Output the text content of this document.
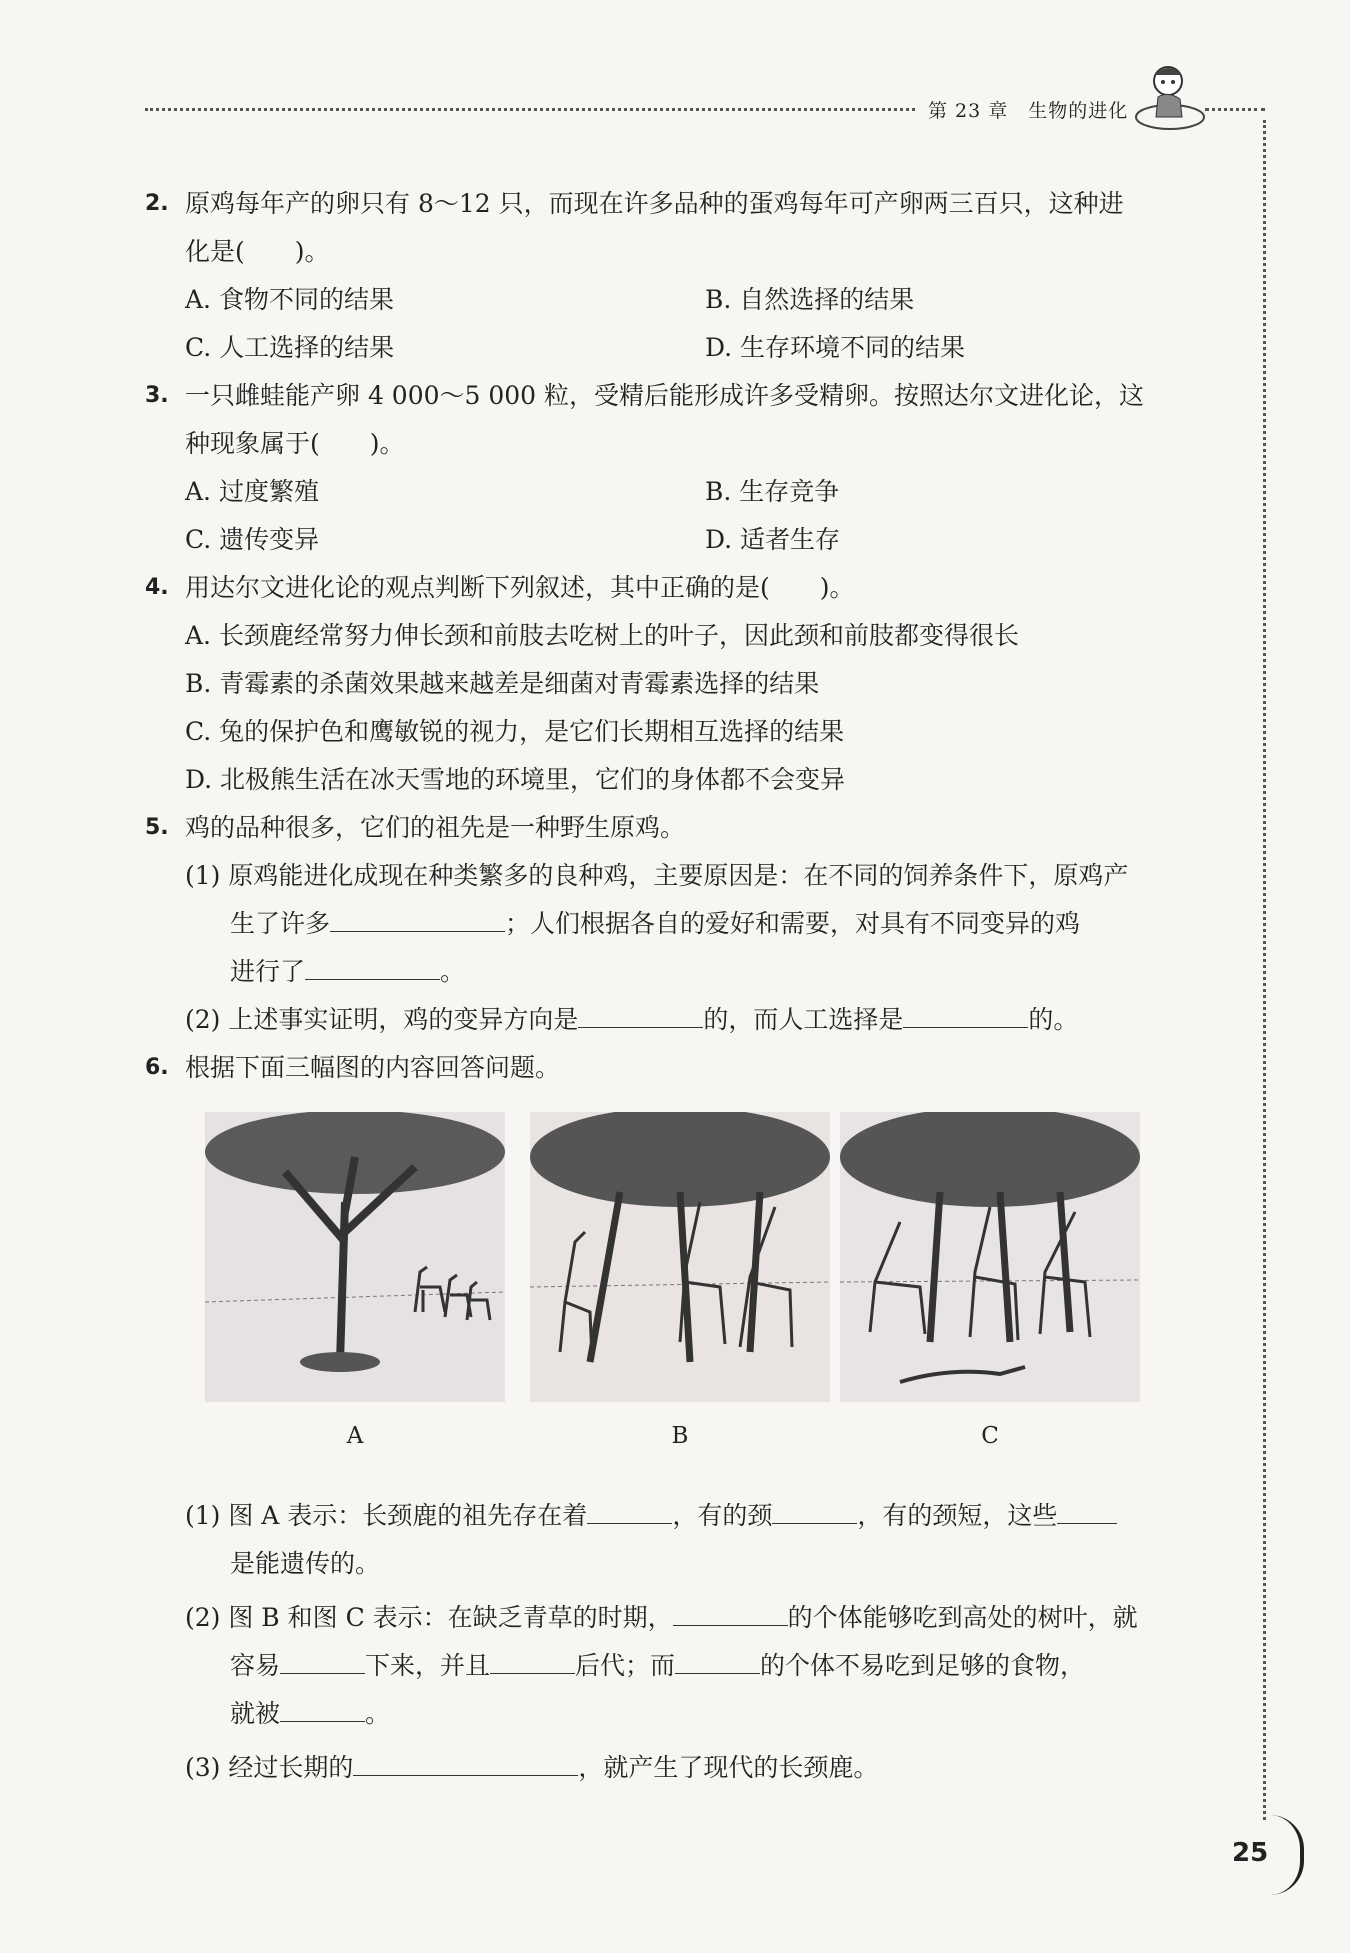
第 23 章　生物的进化
2. 原鸡每年产的卵只有 8～12 只，而现在许多品种的蛋鸡每年可产卵两三百只，这种进
化是(　　)。
A. 食物不同的结果	B. 自然选择的结果
C. 人工选择的结果	D. 生存环境不同的结果
3. 一只雌蛙能产卵 4 000～5 000 粒，受精后能形成许多受精卵。按照达尔文进化论，这
种现象属于(　　)。
A. 过度繁殖	B. 生存竞争
C. 遗传变异	D. 适者生存
4. 用达尔文进化论的观点判断下列叙述，其中正确的是(　　)。
A. 长颈鹿经常努力伸长颈和前肢去吃树上的叶子，因此颈和前肢都变得很长
B. 青霉素的杀菌效果越来越差是细菌对青霉素选择的结果
C. 兔的保护色和鹰敏锐的视力，是它们长期相互选择的结果
D. 北极熊生活在冰天雪地的环境里，它们的身体都不会变异
5. 鸡的品种很多，它们的祖先是一种野生原鸡。
(1) 原鸡能进化成现在种类繁多的良种鸡，主要原因是：在不同的饲养条件下，原鸡产
生了许多	；人们根据各自的爱好和需要，对具有不同变异的鸡
进行了	。
(2) 上述事实证明，鸡的变异方向是	的，而人工选择是	的。
6. 根据下面三幅图的内容回答问题。
A	B	C
(1) 图 A 表示：长颈鹿的祖先存在着	，有的颈	，有的颈短，这些
是能遗传的。
(2) 图 B 和图 C 表示：在缺乏青草的时期，	的个体能够吃到高处的树叶，就
容易	下来，并且	后代；而	的个体不易吃到足够的食物，
就被	。
(3) 经过长期的	，就产生了现代的长颈鹿。
25
